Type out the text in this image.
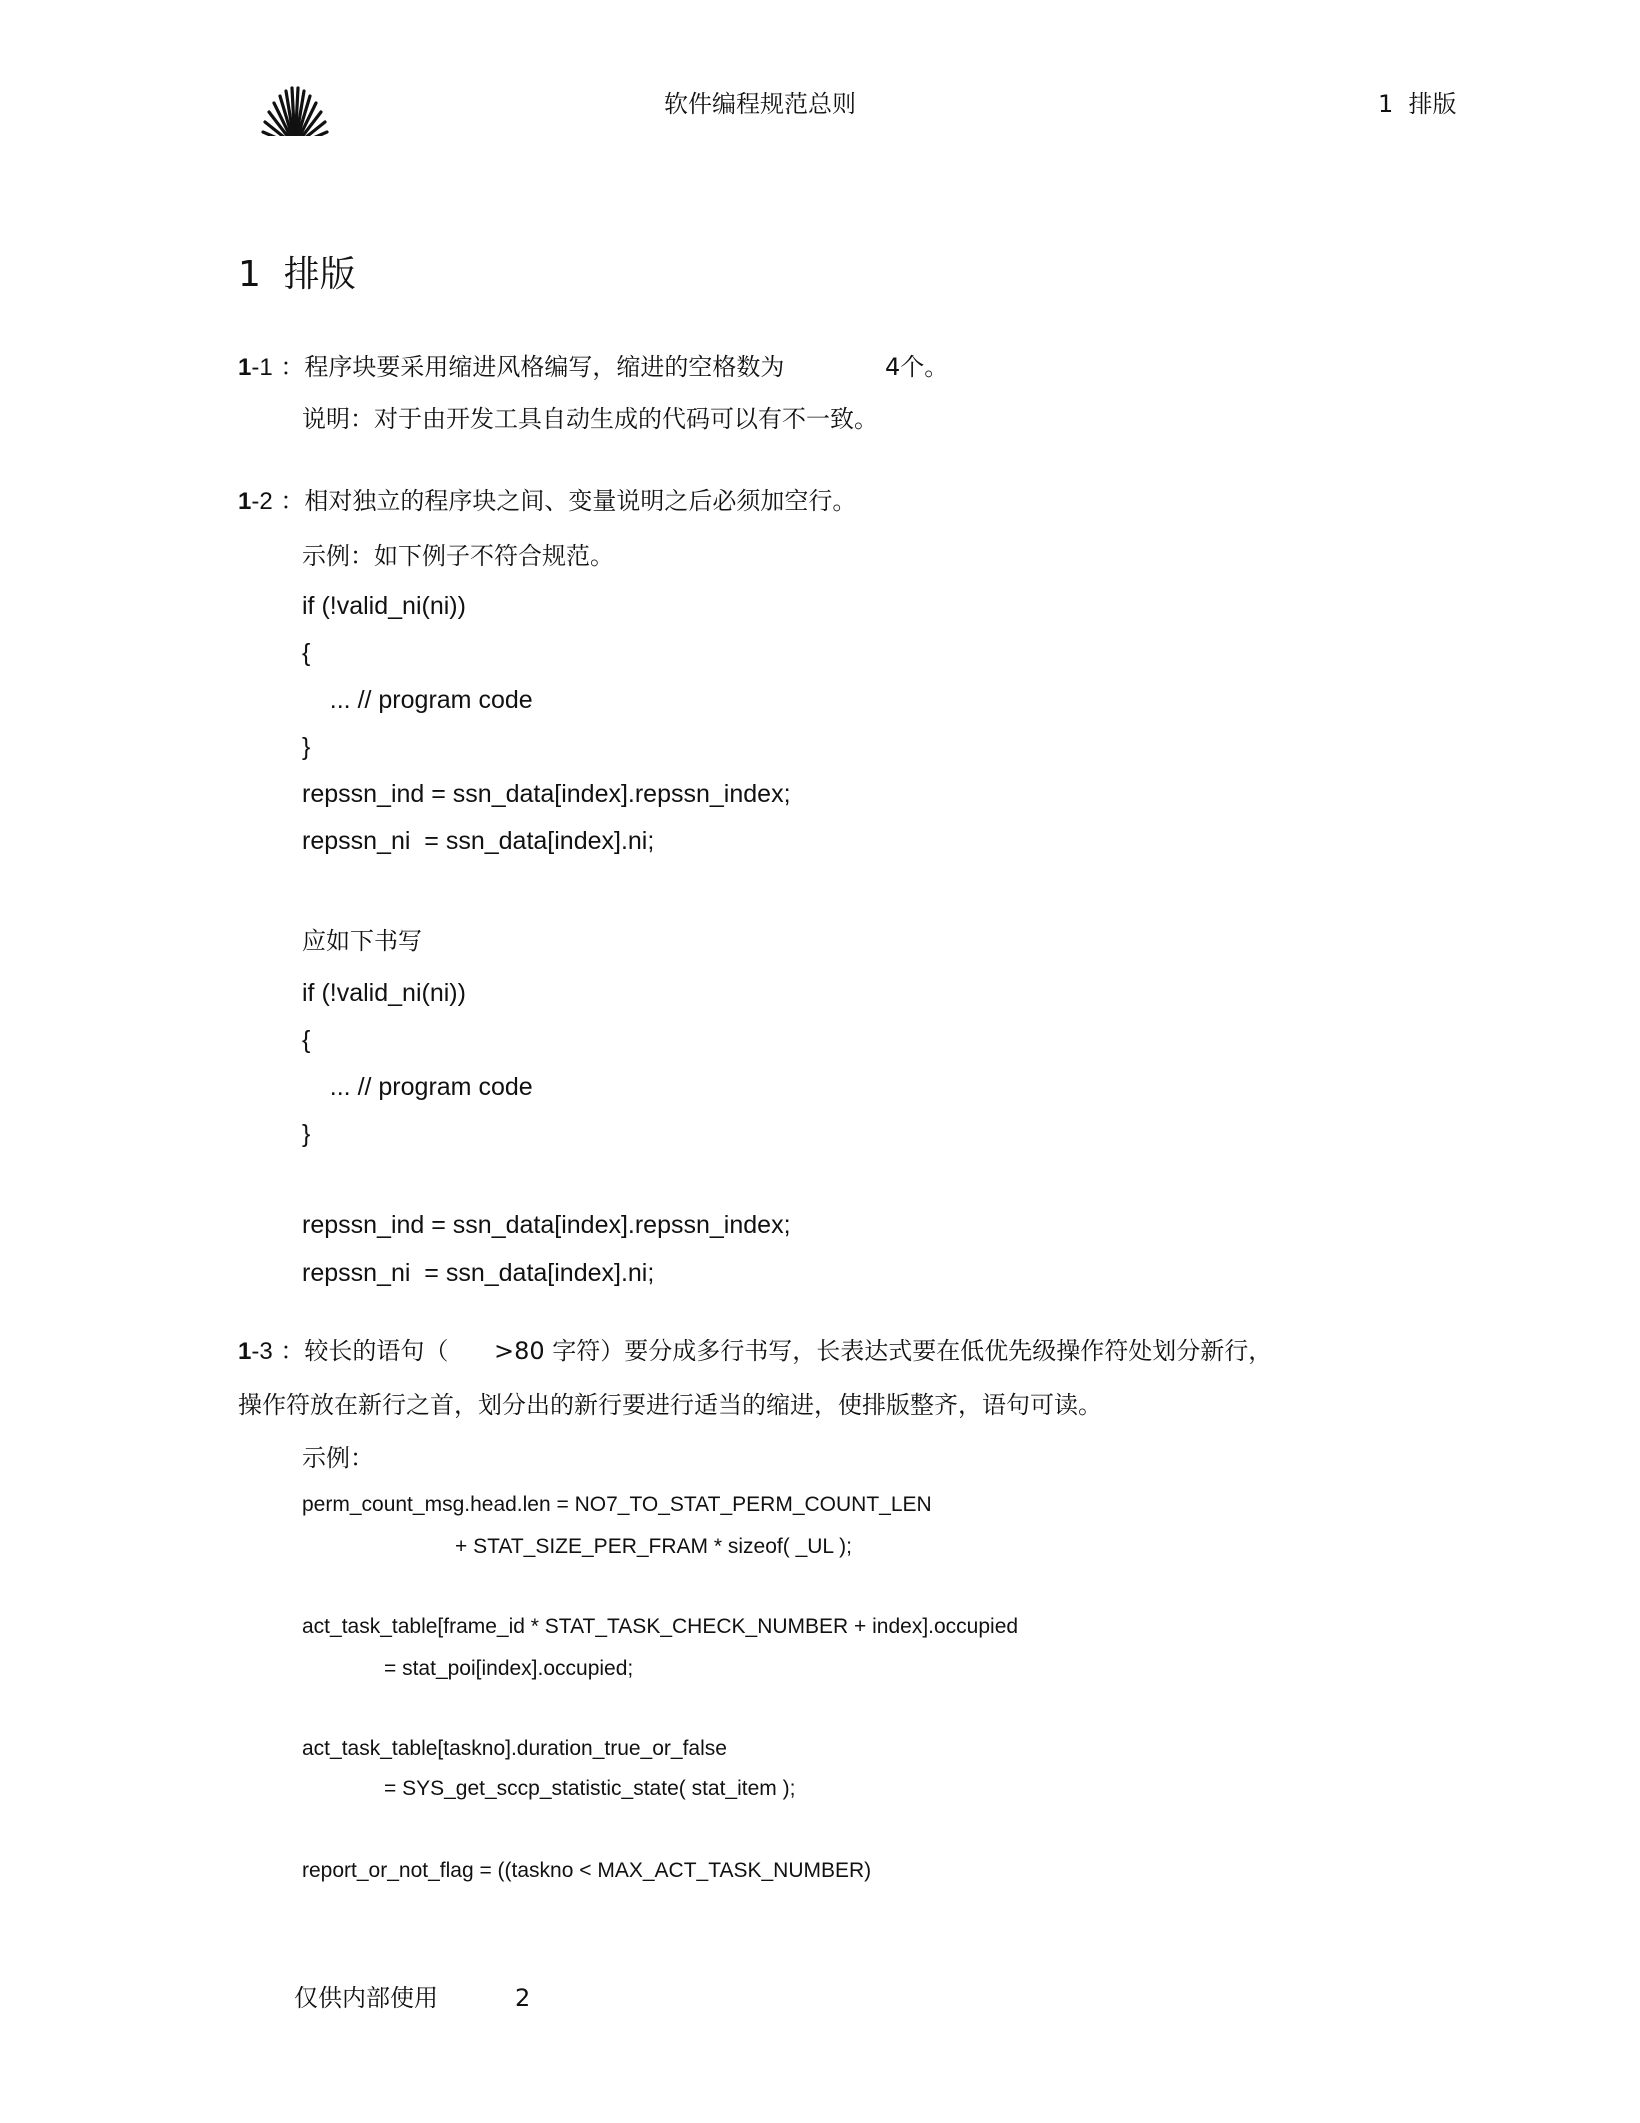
软件编程规范总则	1  排版
1 排版
1-1 ：程序块要采用缩进风格编写，缩进的空格数为	4个。
说明：对于由开发工具自动生成的代码可以有不一致。
1-2 ：相对独立的程序块之间、变量说明之后必须加空行。
示例：如下例子不符合规范。
if (!valid_ni(ni))
{
... // program code
}
repssn_ind = ssn_data[index].repssn_index;
repssn_ni  = ssn_data[index].ni;
应如下书写
if (!valid_ni(ni))
{
... // program code
}
repssn_ind = ssn_data[index].repssn_index;
repssn_ni  = ssn_data[index].ni;
1-3 ：较长的语句（ >80 字符）要分成多行书写，长表达式要在低优先级操作符处划分新行，
操作符放在新行之首，划分出的新行要进行适当的缩进，使排版整齐，语句可读。
示例：
perm_count_msg.head.len = NO7_TO_STAT_PERM_COUNT_LEN
+ STAT_SIZE_PER_FRAM * sizeof( _UL );
act_task_table[frame_id * STAT_TASK_CHECK_NUMBER + index].occupied
= stat_poi[index].occupied;
act_task_table[taskno].duration_true_or_false
= SYS_get_sccp_statistic_state( stat_item );
report_or_not_flag = ((taskno < MAX_ACT_TASK_NUMBER)
仅供内部使用	2
